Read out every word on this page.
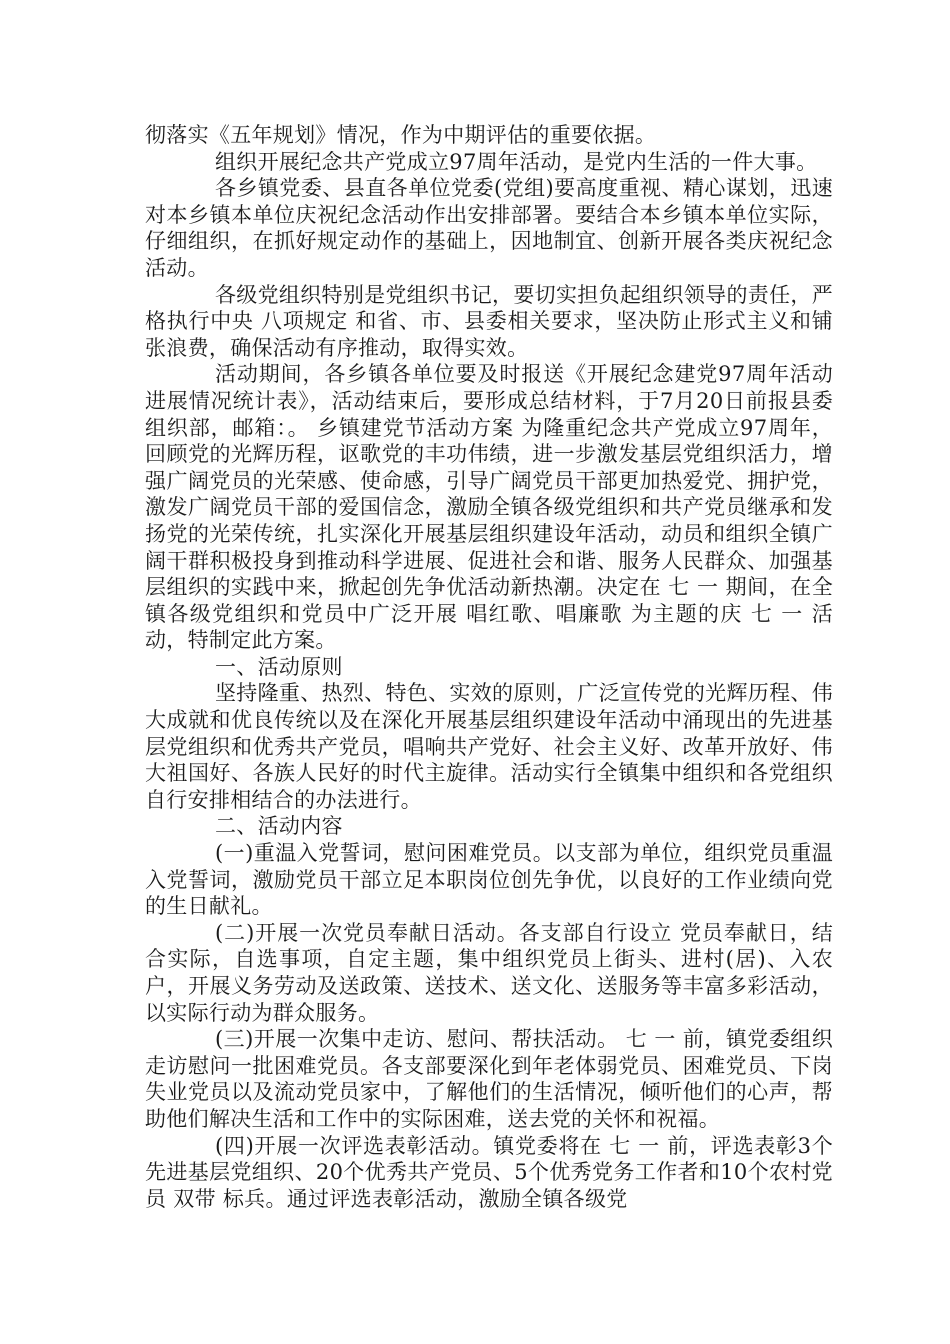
彻落实《五年规划》情况，作为中期评估的重要依据。

组织开展纪念共产党成立97周年活动，是党内生活的一件大事。

各乡镇党委、县直各单位党委(党组)要高度重视、精心谋划，迅速对本乡镇本单位庆祝纪念活动作出安排部署。要结合本乡镇本单位实际，仔细组织，在抓好规定动作的基础上，因地制宜、创新开展各类庆祝纪念活动。

各级党组织特别是党组织书记，要切实担负起组织领导的责任，严格执行中央 八项规定 和省、市、县委相关要求，坚决防止形式主义和铺张浪费，确保活动有序推动，取得实效。

活动期间，各乡镇各单位要及时报送《开展纪念建党97周年活动进展情况统计表》，活动结束后，要形成总结材料，于7月20日前报县委组织部，邮箱：。 乡镇建党节活动方案 为隆重纪念共产党成立97周年，回顾党的光辉历程，讴歌党的丰功伟绩，进一步激发基层党组织活力，增强广阔党员的光荣感、使命感，引导广阔党员干部更加热爱党、拥护党，激发广阔党员干部的爱国信念，激励全镇各级党组织和共产党员继承和发扬党的光荣传统，扎实深化开展基层组织建设年活动，动员和组织全镇广阔干群积极投身到推动科学进展、促进社会和谐、服务人民群众、加强基层组织的实践中来，掀起创先争优活动新热潮。决定在 七 一 期间，在全镇各级党组织和党员中广泛开展 唱红歌、唱廉歌 为主题的庆 七 一 活动，特制定此方案。

一、活动原则

坚持隆重、热烈、特色、实效的原则，广泛宣传党的光辉历程、伟大成就和优良传统以及在深化开展基层组织建设年活动中涌现出的先进基层党组织和优秀共产党员，唱响共产党好、社会主义好、改革开放好、伟大祖国好、各族人民好的时代主旋律。活动实行全镇集中组织和各党组织自行安排相结合的办法进行。

二、活动内容

(一)重温入党誓词，慰问困难党员。以支部为单位，组织党员重温入党誓词，激励党员干部立足本职岗位创先争优，以良好的工作业绩向党的生日献礼。

(二)开展一次党员奉献日活动。各支部自行设立 党员奉献日，结合实际，自选事项，自定主题，集中组织党员上街头、进村(居)、入农户，开展义务劳动及送政策、送技术、送文化、送服务等丰富多彩活动，以实际行动为群众服务。

(三)开展一次集中走访、慰问、帮扶活动。 七 一 前，镇党委组织走访慰问一批困难党员。各支部要深化到年老体弱党员、困难党员、下岗失业党员以及流动党员家中，了解他们的生活情况，倾听他们的心声，帮助他们解决生活和工作中的实际困难，送去党的关怀和祝福。

(四)开展一次评选表彰活动。镇党委将在 七 一 前，评选表彰3个先进基层党组织、20个优秀共产党员、5个优秀党务工作者和10个农村党员 双带 标兵。通过评选表彰活动，激励全镇各级党
